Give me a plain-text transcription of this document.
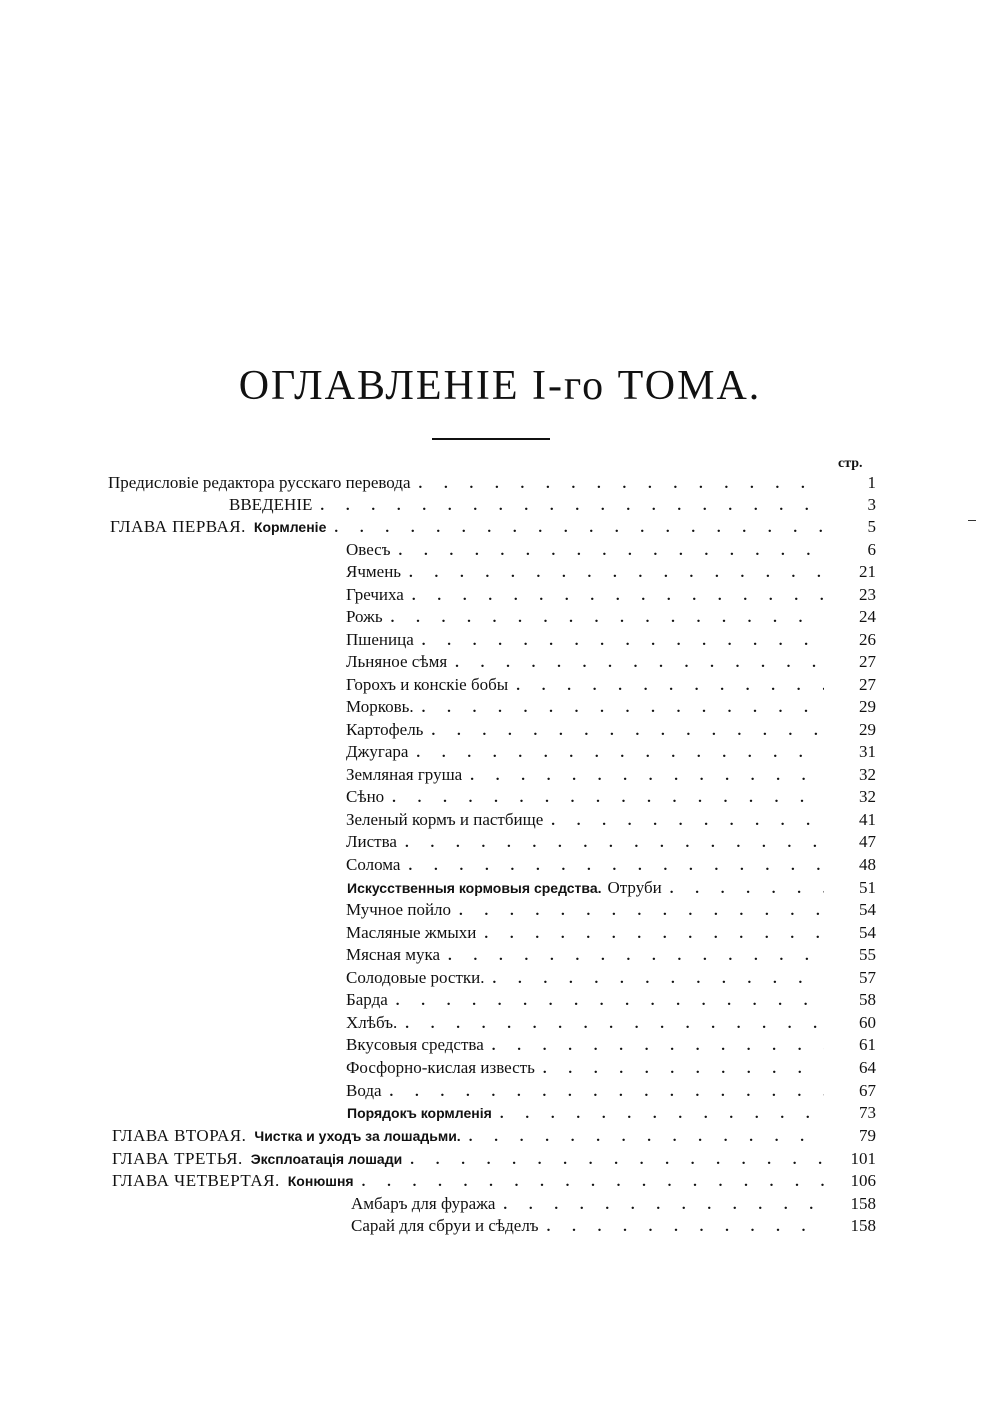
ОГЛАВЛЕНІЕ I-го ТОМА.
стр.
Предисловіе редактора русскаго перевода . . .	1
ВВЕДЕНІЕ . . .	3
ГЛАВА ПЕРВАЯ. Кормленіе . . .	5
Овесъ . . .	6
Ячмень . . .	21
Гречиха . . .	23
Рожь . . .	24
Пшеница . . .	26
Льняное сѣмя . . .	27
Горохъ и конскіе бобы . . .	27
Морковь. . . .	29
Картофель . . .	29
Джугара . . .	31
Земляная груша . . .	32
Сѣно . . .	32
Зеленый кормъ и пастбище . . .	41
Листва . . .	47
Солома . . .	48
Искусственныя кормовыя средства. Отруби . . .	51
Мучное пойло . . .	54
Масляные жмыхи . . .	54
Мясная мука . . .	55
Солодовые ростки. . . .	57
Барда . . .	58
Хлѣбъ. . . .	60
Вкусовыя средства . . .	61
Фосфорно-кислая известь . . .	64
Вода . . .	67
Порядокъ кормленія . . .	73
ГЛАВА ВТОРАЯ. Чистка и уходъ за лошадьми. . . .	79
ГЛАВА ТРЕТЬЯ. Эксплоатація лошади . . .	101
ГЛАВА ЧЕТВЕРТАЯ. Конюшня . . .	106
Амбаръ для фуража . . .	158
Сарай для сбруи и сѣделъ . . .	158
